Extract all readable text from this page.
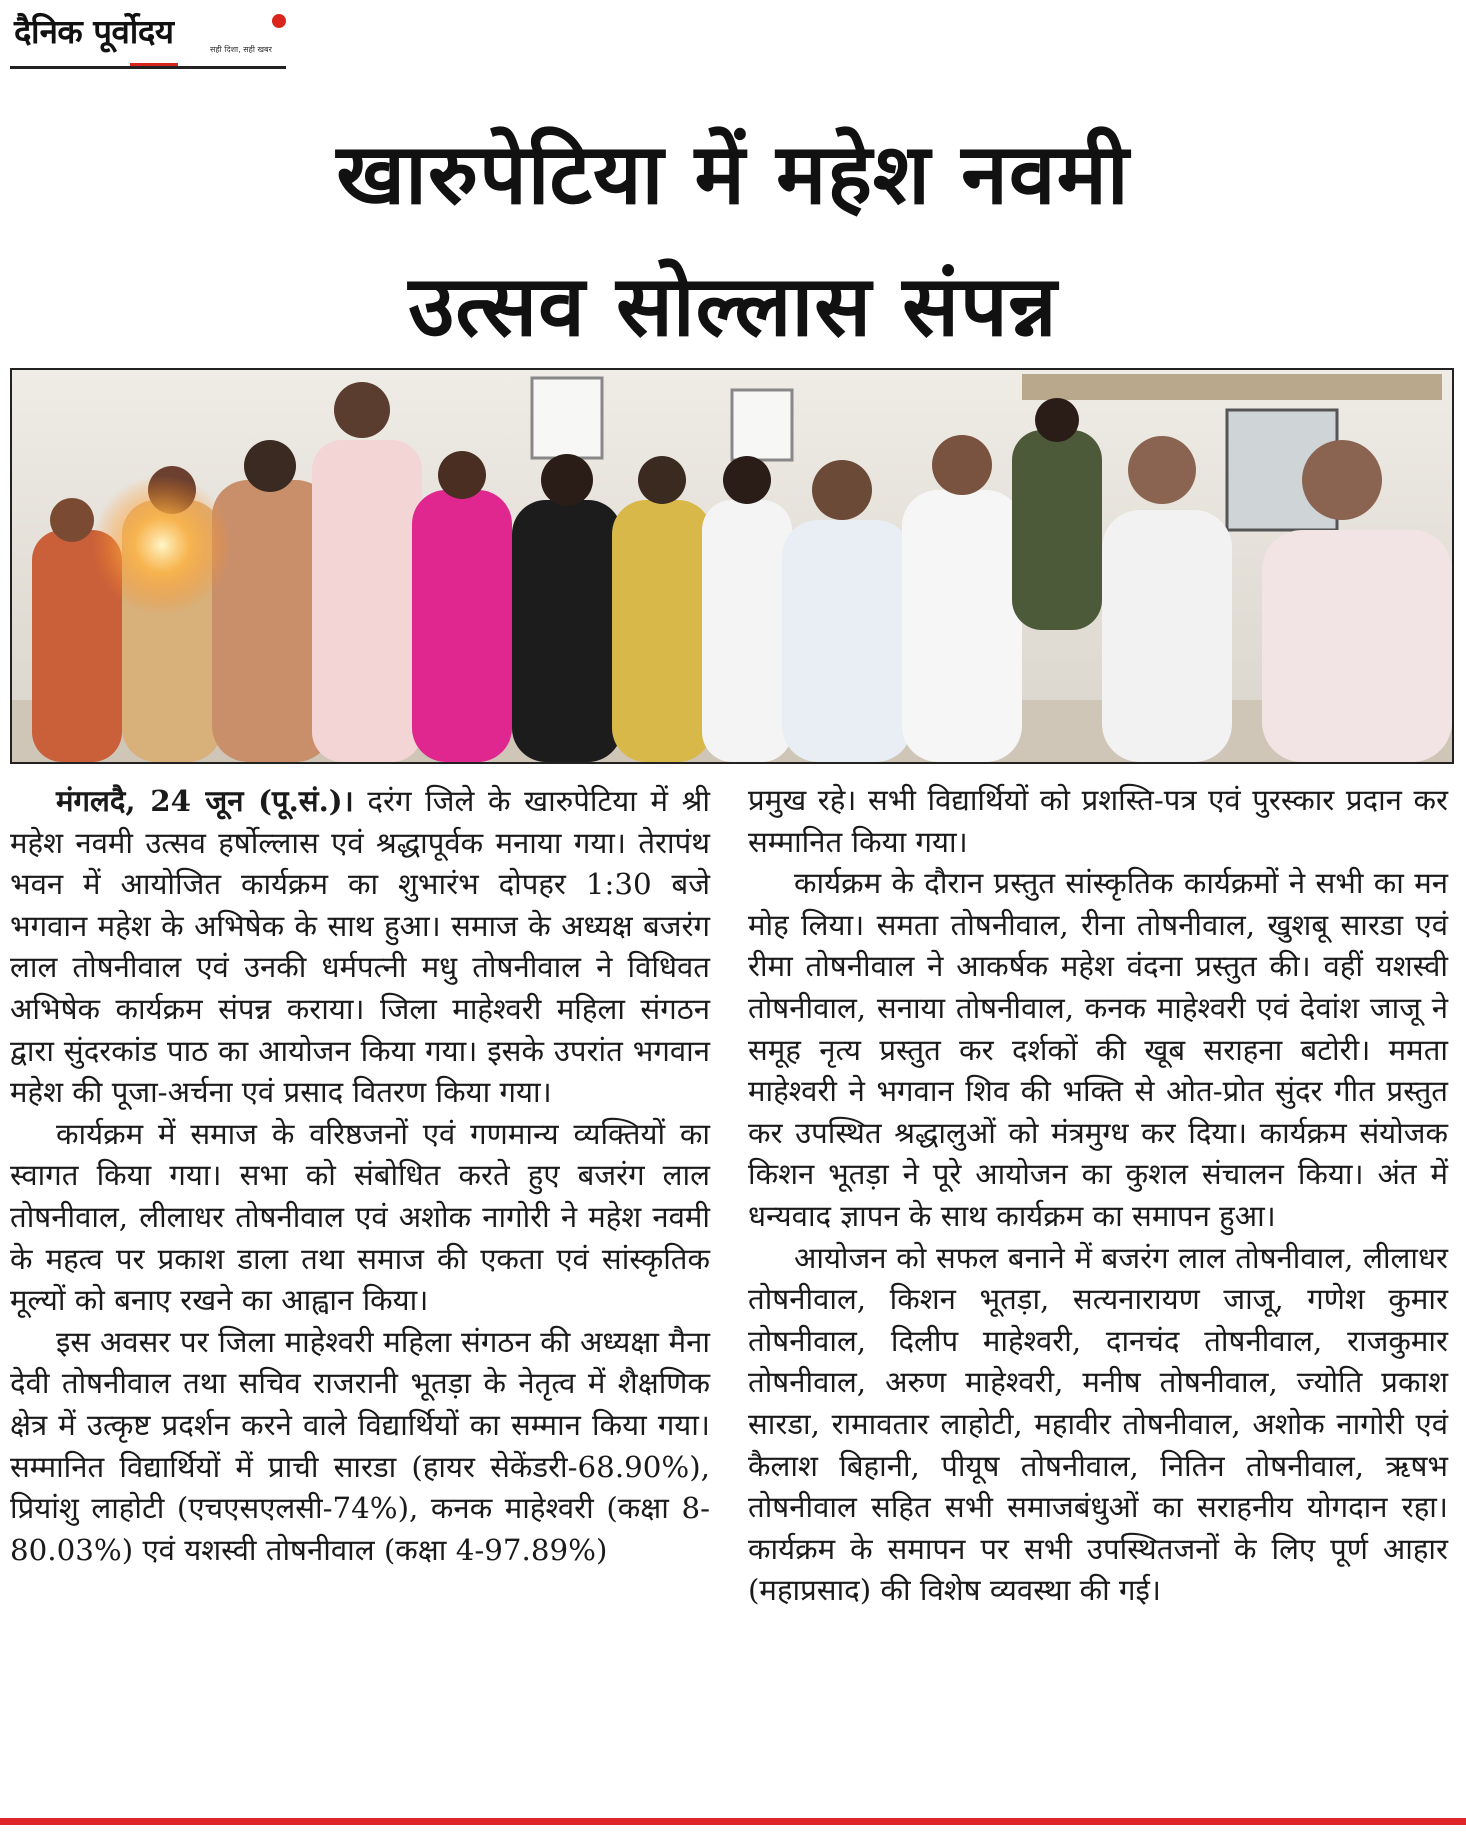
दैनिक पूर्वोदय	सही दिशा, सही खबर
खारुपेटिया में महेश नवमी
उत्सव सोल्लास संपन्न

मंगलदै, 24 जून (पू.सं.)। दरंग जिले के खारुपेटिया में श्री महेश नवमी उत्सव हर्षोल्लास एवं श्रद्धापूर्वक मनाया गया। तेरापंथ भवन में आयोजित कार्यक्रम का शुभारंभ दोपहर 1:30 बजे भगवान महेश के अभिषेक के साथ हुआ। समाज के अध्यक्ष बजरंग लाल तोषनीवाल एवं उनकी धर्मपत्नी मधु तोषनीवाल ने विधिवत अभिषेक कार्यक्रम संपन्न कराया। जिला माहेश्वरी महिला संगठन द्वारा सुंदरकांड पाठ का आयोजन किया गया। इसके उपरांत भगवान महेश की पूजा-अर्चना एवं प्रसाद वितरण किया गया।

कार्यक्रम में समाज के वरिष्ठजनों एवं गणमान्य व्यक्तियों का स्वागत किया गया। सभा को संबोधित करते हुए बजरंग लाल तोषनीवाल, लीलाधर तोषनीवाल एवं अशोक नागोरी ने महेश नवमी के महत्व पर प्रकाश डाला तथा समाज की एकता एवं सांस्कृतिक मूल्यों को बनाए रखने का आह्वान किया।

इस अवसर पर जिला माहेश्वरी महिला संगठन की अध्यक्षा मैना देवी तोषनीवाल तथा सचिव राजरानी भूतड़ा के नेतृत्व में शैक्षणिक क्षेत्र में उत्कृष्ट प्रदर्शन करने वाले विद्यार्थियों का सम्मान किया गया। सम्मानित विद्यार्थियों में प्राची सारडा (हायर सेकेंडरी-68.90%), प्रियांशु लाहोटी (एचएसएलसी-74%), कनक माहेश्वरी (कक्षा 8-80.03%) एवं यशस्वी तोषनीवाल (कक्षा 4-97.89%)

प्रमुख रहे। सभी विद्यार्थियों को प्रशस्ति-पत्र एवं पुरस्कार प्रदान कर सम्मानित किया गया।

कार्यक्रम के दौरान प्रस्तुत सांस्कृतिक कार्यक्रमों ने सभी का मन मोह लिया। समता तोषनीवाल, रीना तोषनीवाल, खुशबू सारडा एवं रीमा तोषनीवाल ने आकर्षक महेश वंदना प्रस्तुत की। वहीं यशस्वी तोषनीवाल, सनाया तोषनीवाल, कनक माहेश्वरी एवं देवांश जाजू ने समूह नृत्य प्रस्तुत कर दर्शकों की खूब सराहना बटोरी। ममता माहेश्वरी ने भगवान शिव की भक्ति से ओत-प्रोत सुंदर गीत प्रस्तुत कर उपस्थित श्रद्धालुओं को मंत्रमुग्ध कर दिया। कार्यक्रम संयोजक किशन भूतड़ा ने पूरे आयोजन का कुशल संचालन किया। अंत में धन्यवाद ज्ञापन के साथ कार्यक्रम का समापन हुआ।

आयोजन को सफल बनाने में बजरंग लाल तोषनीवाल, लीलाधर तोषनीवाल, किशन भूतड़ा, सत्यनारायण जाजू, गणेश कुमार तोषनीवाल, दिलीप माहेश्वरी, दानचंद तोषनीवाल, राजकुमार तोषनीवाल, अरुण माहेश्वरी, मनीष तोषनीवाल, ज्योति प्रकाश सारडा, रामावतार लाहोटी, महावीर तोषनीवाल, अशोक नागोरी एवं कैलाश बिहानी, पीयूष तोषनीवाल, नितिन तोषनीवाल, ऋषभ तोषनीवाल सहित सभी समाजबंधुओं का सराहनीय योगदान रहा। कार्यक्रम के समापन पर सभी उपस्थितजनों के लिए पूर्ण आहार (महाप्रसाद) की विशेष व्यवस्था की गई।
